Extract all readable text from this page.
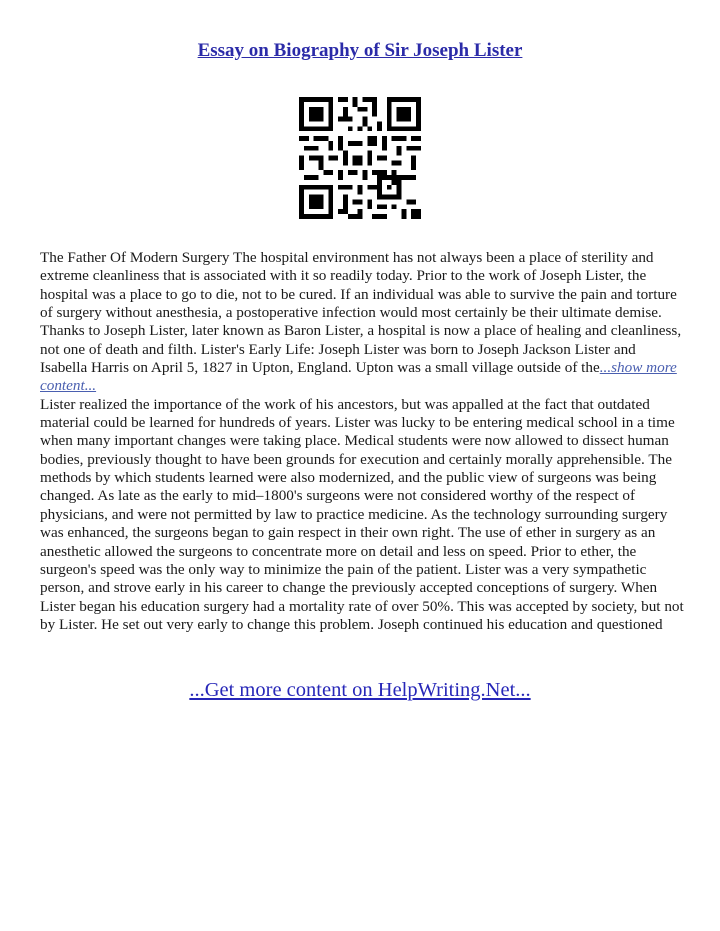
Essay on Biography of Sir Joseph Lister

The Father Of Modern Surgery The hospital environment has not always been a place of sterility and extreme cleanliness that is associated with it so readily today. Prior to the work of Joseph Lister, the hospital was a place to go to die, not to be cured. If an individual was able to survive the pain and torture of surgery without anesthesia, a postoperative infection would most certainly be their ultimate demise. Thanks to Joseph Lister, later known as Baron Lister, a hospital is now a place of healing and cleanliness, not one of death and filth. Lister's Early Life: Joseph Lister was born to Joseph Jackson Lister and Isabella Harris on April 5, 1827 in Upton, England. Upton was a small village outside of the...show more content...

Lister realized the importance of the work of his ancestors, but was appalled at the fact that outdated material could be learned for hundreds of years. Lister was lucky to be entering medical school in a time when many important changes were taking place. Medical students were now allowed to dissect human bodies, previously thought to have been grounds for execution and certainly morally apprehensible. The methods by which students learned were also modernized, and the public view of surgeons was being changed. As late as the early to mid–1800's surgeons were not considered worthy of the respect of physicians, and were not permitted by law to practice medicine. As the technology surrounding surgery was enhanced, the surgeons began to gain respect in their own right. The use of ether in surgery as an anesthetic allowed the surgeons to concentrate more on detail and less on speed. Prior to ether, the surgeon's speed was the only way to minimize the pain of the patient. Lister was a very sympathetic person, and strove early in his career to change the previously accepted conceptions of surgery. When Lister began his education surgery had a mortality rate of over 50%. This was accepted by society, but not by Lister. He set out very early to change this problem. Joseph continued his education and questioned

...Get more content on HelpWriting.Net...
